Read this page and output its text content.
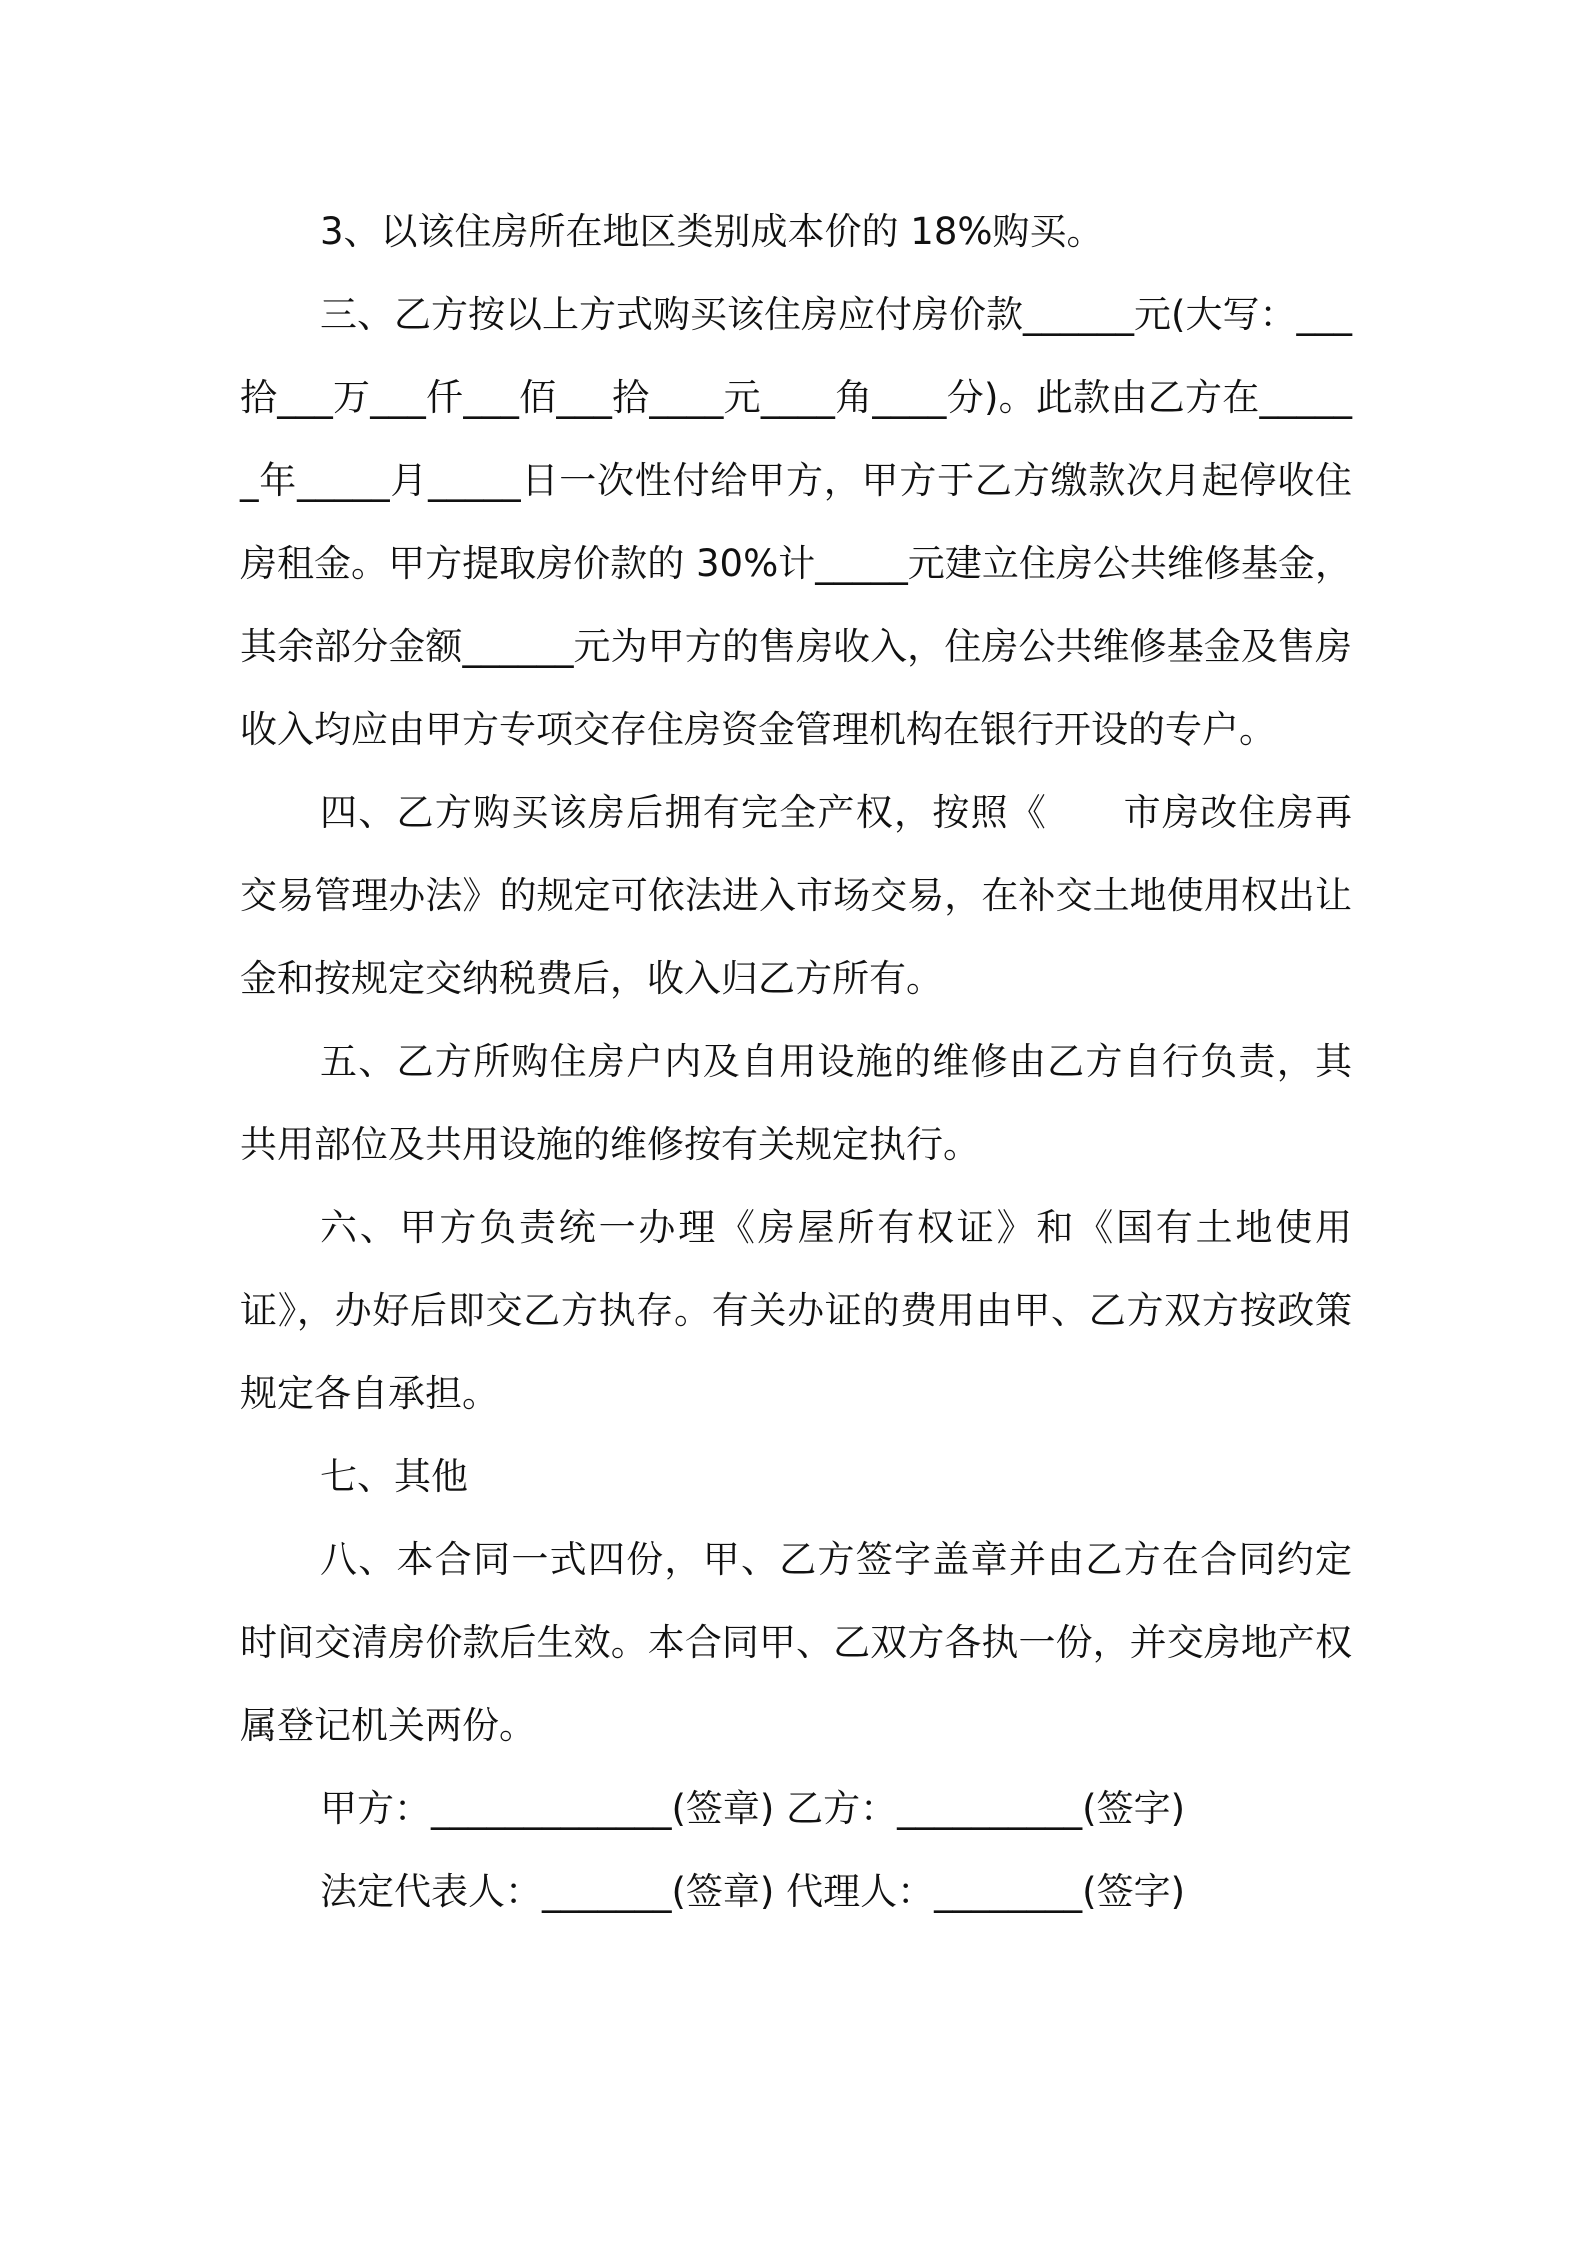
3、以该住房所在地区类别成本价的 18%购买。

三、乙方按以上方式购买该住房应付房价款______元(大写：___拾___万___仟___佰___拾____元____角____分)。此款由乙方在______年_____月_____日一次性付给甲方，甲方于乙方缴款次月起停收住房租金。甲方提取房价款的 30%计_____元建立住房公共维修基金，其余部分金额______元为甲方的售房收入，住房公共维修基金及售房收入均应由甲方专项交存住房资金管理机构在银行开设的专户。

四、乙方购买该房后拥有完全产权，按照《　　市房改住房再交易管理办法》的规定可依法进入市场交易，在补交土地使用权出让金和按规定交纳税费后，收入归乙方所有。

五、乙方所购住房户内及自用设施的维修由乙方自行负责，其共用部位及共用设施的维修按有关规定执行。

六、甲方负责统一办理《房屋所有权证》和《国有土地使用证》，办好后即交乙方执存。有关办证的费用由甲、乙方双方按政策规定各自承担。

七、其他

八、本合同一式四份，甲、乙方签字盖章并由乙方在合同约定时间交清房价款后生效。本合同甲、乙双方各执一份，并交房地产权属登记机关两份。

甲方：_____________(签章) 乙方：__________(签字)

法定代表人：_______(签章) 代理人：________(签字)
